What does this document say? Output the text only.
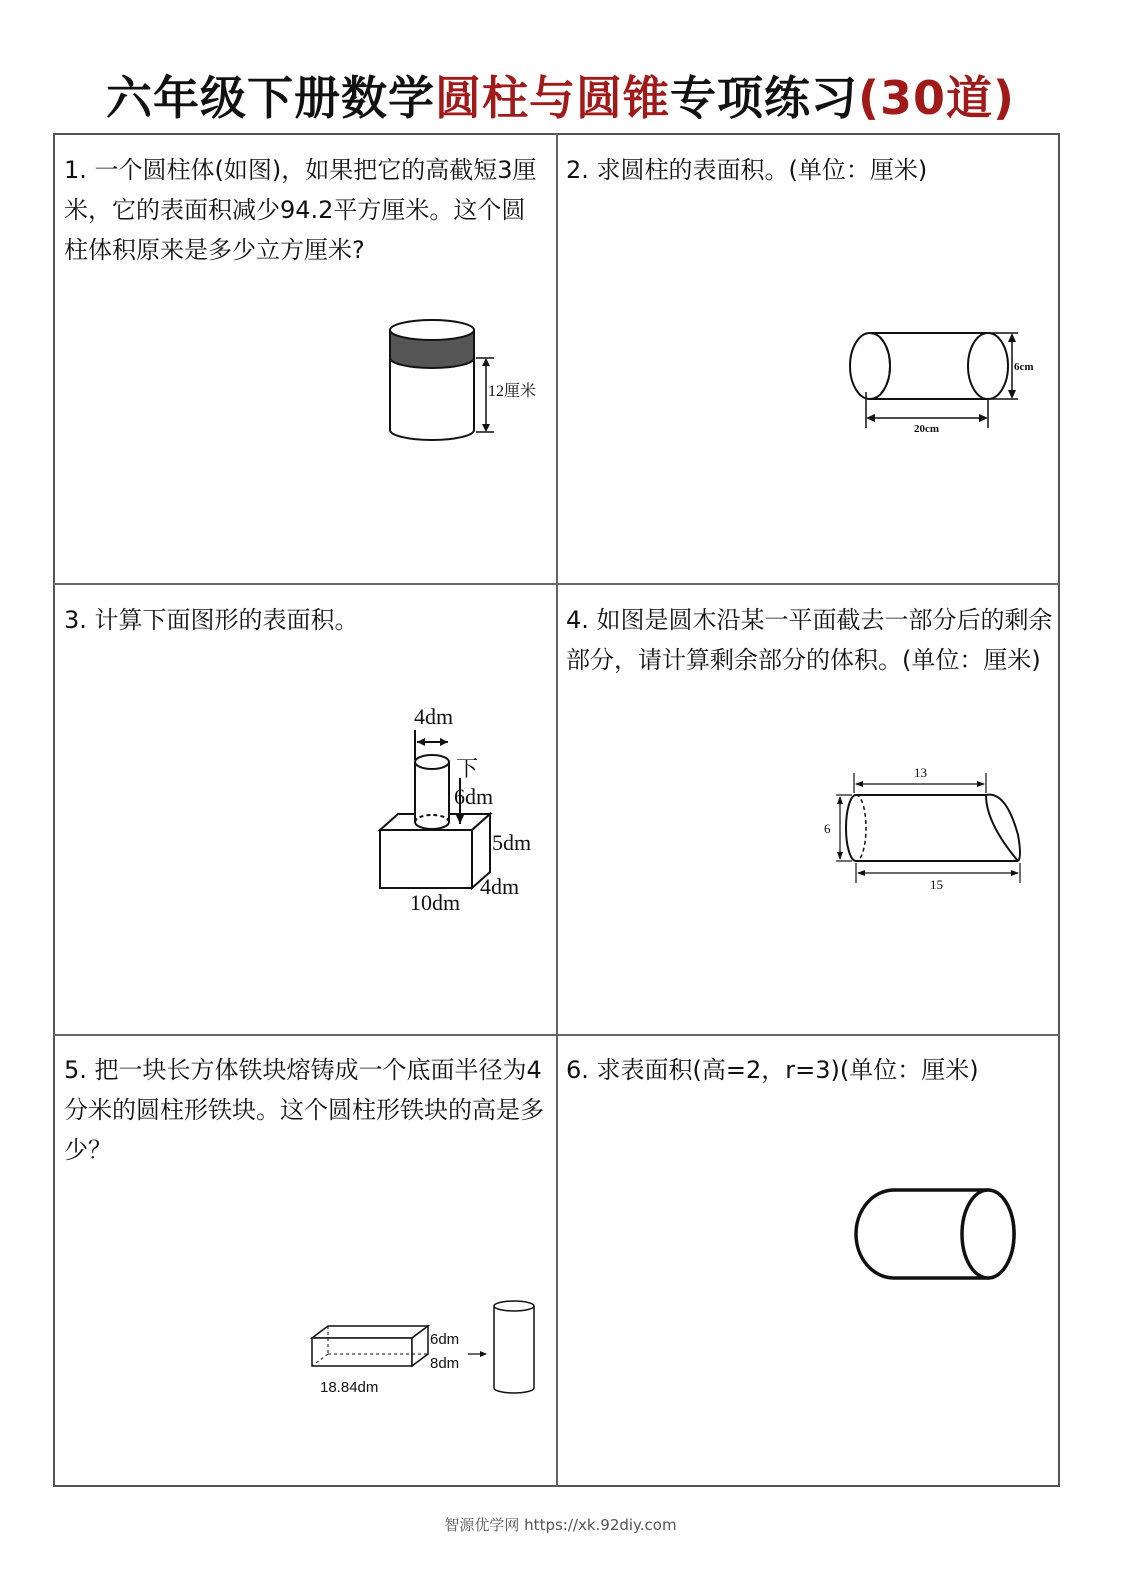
六年级下册数学圆柱与圆锥专项练习(30道)
1. 一个圆柱体(如图)，如果把它的高截短3厘米，它的表面积减少94.2平方厘米。这个圆柱体积原来是多少立方厘米?
12厘米
2. 求圆柱的表面积。(单位：厘米)
6cm
20cm
3. 计算下面图形的表面积。
4dm
下
6dm
5dm
4dm
10dm
4. 如图是圆木沿某一平面截去一部分后的剩余部分，请计算剩余部分的体积。(单位：厘米)
13
6
15
5. 把一块长方体铁块熔铸成一个底面半径为4分米的圆柱形铁块。这个圆柱形铁块的高是多少？
6dm
8dm
18.84dm
6. 求表面积(高=2，r=3)(单位：厘米)
智源优学网 https://xk.92diy.com
